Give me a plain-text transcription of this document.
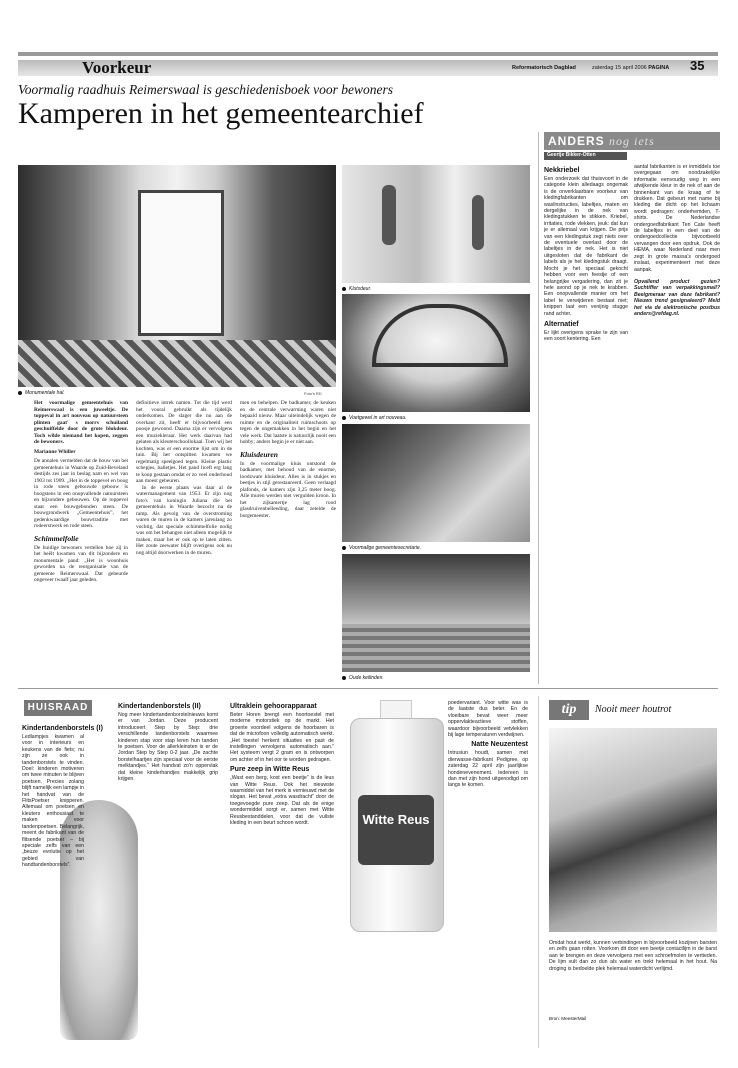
Voorkeur	Reformatorisch Dagblad	zaterdag 15 april 2006 PAGINA 35
Voormalig raadhuis Reimerswaal is geschiedenisboek voor bewoners
Kamperen in het gemeentearchief
Monumentale hal.	Foto's RD
Klutsdeur.
Voetgewel in art nouveau.
Voormalige gemeentesecretarie.
Oude keilinden.
Het voormalige gemeentehuis van Reimerswaal is een juweeltje. De toppeval in art nouveau op natuursteen plinten gaat' s morrs schuiland geschuiffelde door de grote blokdeur. Toch wilde niemand het kopen, zeggen de bewoners.
Marianne Whiller
De annalen vermelden dat de bouw van het gemeentehuis in Waarde op Zuid-Beveland destijds zes jaar in beslag nam en wel van 1903 tot 1909. „Het in de toppevel en boog in rode steen gebouwde gebouw is hoogstens in een onopvallende natuursteen en bijzondere gebouwen. Op de toppevel staat een bouwgebonden steen. De bouwgrondwerk „Gemeentehuis”, het gedenkwaardige bouwtraditie met rodeerstwerk en rode steen.
Schimmelfolie
De huidige bewoners vertellen hoe zij in het beëlt kwamen van dit bijzondere en monumentale pand: „Het is woonhuis geworden na de reorganisatie van de gemeente Reimerswaal. Dat gebeurde ongeveer twaalf jaar geleden.
definitieve intrek namen. Tot die tijd werd het vooral gebruikt als tijdelijk onderkomen. De slager die nu aan de overkant zit, heeft er bijvoorbeeld een poosje gewoond. Daarna zijn er vervolgens een muziekleraar. Het werk daarvan had gelaten als kleuterschoollokaal. Toen wij het kochten, was er een enorme lijst om in de tuin. Bij het ontspitten kwamen we regelmatig speelgoed tegen. Kleine plastic schepjes, balletjes. Het pand liceft erg lang te koop gestaan omdat er zo veel onderhoud aan moest gebeuren.
In de eerste plaats was daar al de watermanagement van 1953. Er zijn nog foto's van koningin Juliana die het gemeentehuis in Waarde bezocht na de ramp. Als gevolg van de overstroming waren de muren in de kamers jarenlang zo vochtig, dat speciale schimmelfolie nodig was om het behangen niet alleen mogelijk te maken, maar het er ook op te laten zitten. Het zoute zeewater blijft overigens ook nu nog altijd doorwerken in de muren.
men en behelpen. De badkamer, de keuken en de centrale verwarming waren niet bepaald nieuw. Maar uiteindelijk wegen de ruimte en de originaliteit ruimschoots op tegen de ongemakken in het begin en het vele werk. Dat laatste is natuurlijk nooit een hobby; anders begin je er niet aan.
Kluisdeuren
In de voormalige kluis ontstond de badkamer, met behoud van de enorme, loodzware kluisdeur. Alles is in stukjes en beetjes in stijl gerestaureerd. Geen verlaagd plafonds, de kamers zijn 3,25 meter hoog. Alle muren werden niet vergulden kroon. In het zijkamertje lag rood glasdruivenbelleeding, daar zetelde de burgemeester.
ANDERS nog iets
Geertje Bikker-Otten
Nekkriebel
Een onderzoek dat thuisvoort in de categorie klein alledaags ongemak is de onverklaarbare voorkeur van kledingfabrikanten om waslinstructies, labeltjes, maten en dergelijke in de nek van kledingstukken te stikken. Kriebel, irritaties, rode vlekken, jeuk: dat kun je er allemaal van krijgen. De prijs van een kledingstuk zegt niets over de eventuele overlast door de labeltjes in de nek. Het is niet uitgesloten dat de fabrikant de labels als je het kledingstuk draagt. Mocht je het speciaal gekocht hebben voor een feestje of een belangrijke vergadering, dan zit je hele avond op je nek te krabben. Een onopvallende manier om het label te verwijderen bestaat niet; knippen laat een venijnig stugge rand achter.
Alternatief
Er lijkt overigens sprake te zijn van een soort kentering. Een
aantal fabrikanten is er inmiddels toe overgegaan om noodzakelijke informatie eenvoudig weg in een afwijkende kleur in de nek of aan de binnenkant van de kraag of te drukken. Dat gebeurt met name bij kleding die dicht op het lichaam wordt gedragen: onderhemden, T-shirts. De Nederlandse ondergoedfabrikant Ten Cate heeft de labeltjes in een deel van de ondergoedcollectie bijvoorbeeld vervangen door een opdruk. Ook de HEMA, waar Nederland naar men zegt in grote massa's ondergoed inslaat, experimenteert met deze aanpak.
Opvallend product gezien? Suchtiffer van verpakkingsmail? Beeigmeraar van deze fabrikant? Nieuws trend gesignaleerd? Meld het via de elektronische postbus anders@refdag.nl.
HUISRAAD
Kindertandenborstels (I)
Ledlampjes kwamen al voor in interieurs en keukens van de fiets; nu zijn ze ook in tandenborstels te vinden. Doel: kinderen motiveren om twee minuten te blijven poetsen. Precies zolang blijft namelijk een lampje in het handvat van de FlitsPoetser knipperen. Allemaal om poetsen en kleuters enthousiast te maken voor tandenpoetsen. Belangrijk, meent de fabrikant van de flitsende poetser – bij speciale zelfs van een „beuze evolutie op het gebied van handtandenborstels”.
Kindertandenborstels (II)
Nog meer kindertandenborstelnieuws komt er van Jordan. Deze producent introduceert Step by Step: drie verschillende tandenborstels waarmee kinderen stap voor stap leren hun tanden te poetsen. Voor de allerkleinsten is er de Jordan Step by Step 0-2 jaar. „De zachte borstelhaartjes zijn speciaal voor de eerste melktandjes.” Het handvat zo'n oppervlak dat kleine kinderhandjes makkelijk grip krijgen.
Ultraklein gehoorapparaat
Beter Horen brengt een hoortoestel met moderne motorstiek op de markt. Het groente voordeel volgens de hoorbaren is dat de microfoon volledig automatisch werkt. „Het toestel herkent situaties en past de instellingen vervolgens automatisch aan.” Het systeem vergt 2 gram en is ontworpen om achter of in het oor te worden gedragen.
Pure zeep in Witte Reus
„Wast een berg, kost een beetje” is de leus van Witte Reus. Ook het nieuwste wasmiddel van het merk is vernieuwd met de slogan. Het bevat „extra wasdracht” door de toegevoegde pure zeep. Dat als de enige wondermiddel sorgt er, samen met Witte Reusbestanddelen, voor dat de vuilste kleding in een beurt schoon wordt.	Witte Reus
poedervariant. Voor witte was is de laatste dus beter. En de vloeibare bevat weer meer oppervlakteactieve stoffen, waardoor bijvoorbeeld vetvlekken bij lage temperaturen verdwijnen.
Natte Neuzentest
Intrusiun houdt, samen met dierwasse-fabrikant Pedigree, op zaterdag 22 april zijn jaarlijkse hondenevenement. Iedereen is dan met zijn hond uitgenodigd om langs te komen.
tip	Nooit meer houtrot
Omdat hout werkt, kunnen verbindingen in bijvoorbeeld kozijnen barsten en zelfs gaan rotten. Voorkom dit door een beetje contactlijm in de barst aan te brengen en deze vervolgens met een schroefmolen te vertieden. De lijm vult dan zo dun als water en trekt helemaal in het hout. Na droging is bedoelde plek helemaal waterdicht verlijmd.
Bron: MeesterMail
